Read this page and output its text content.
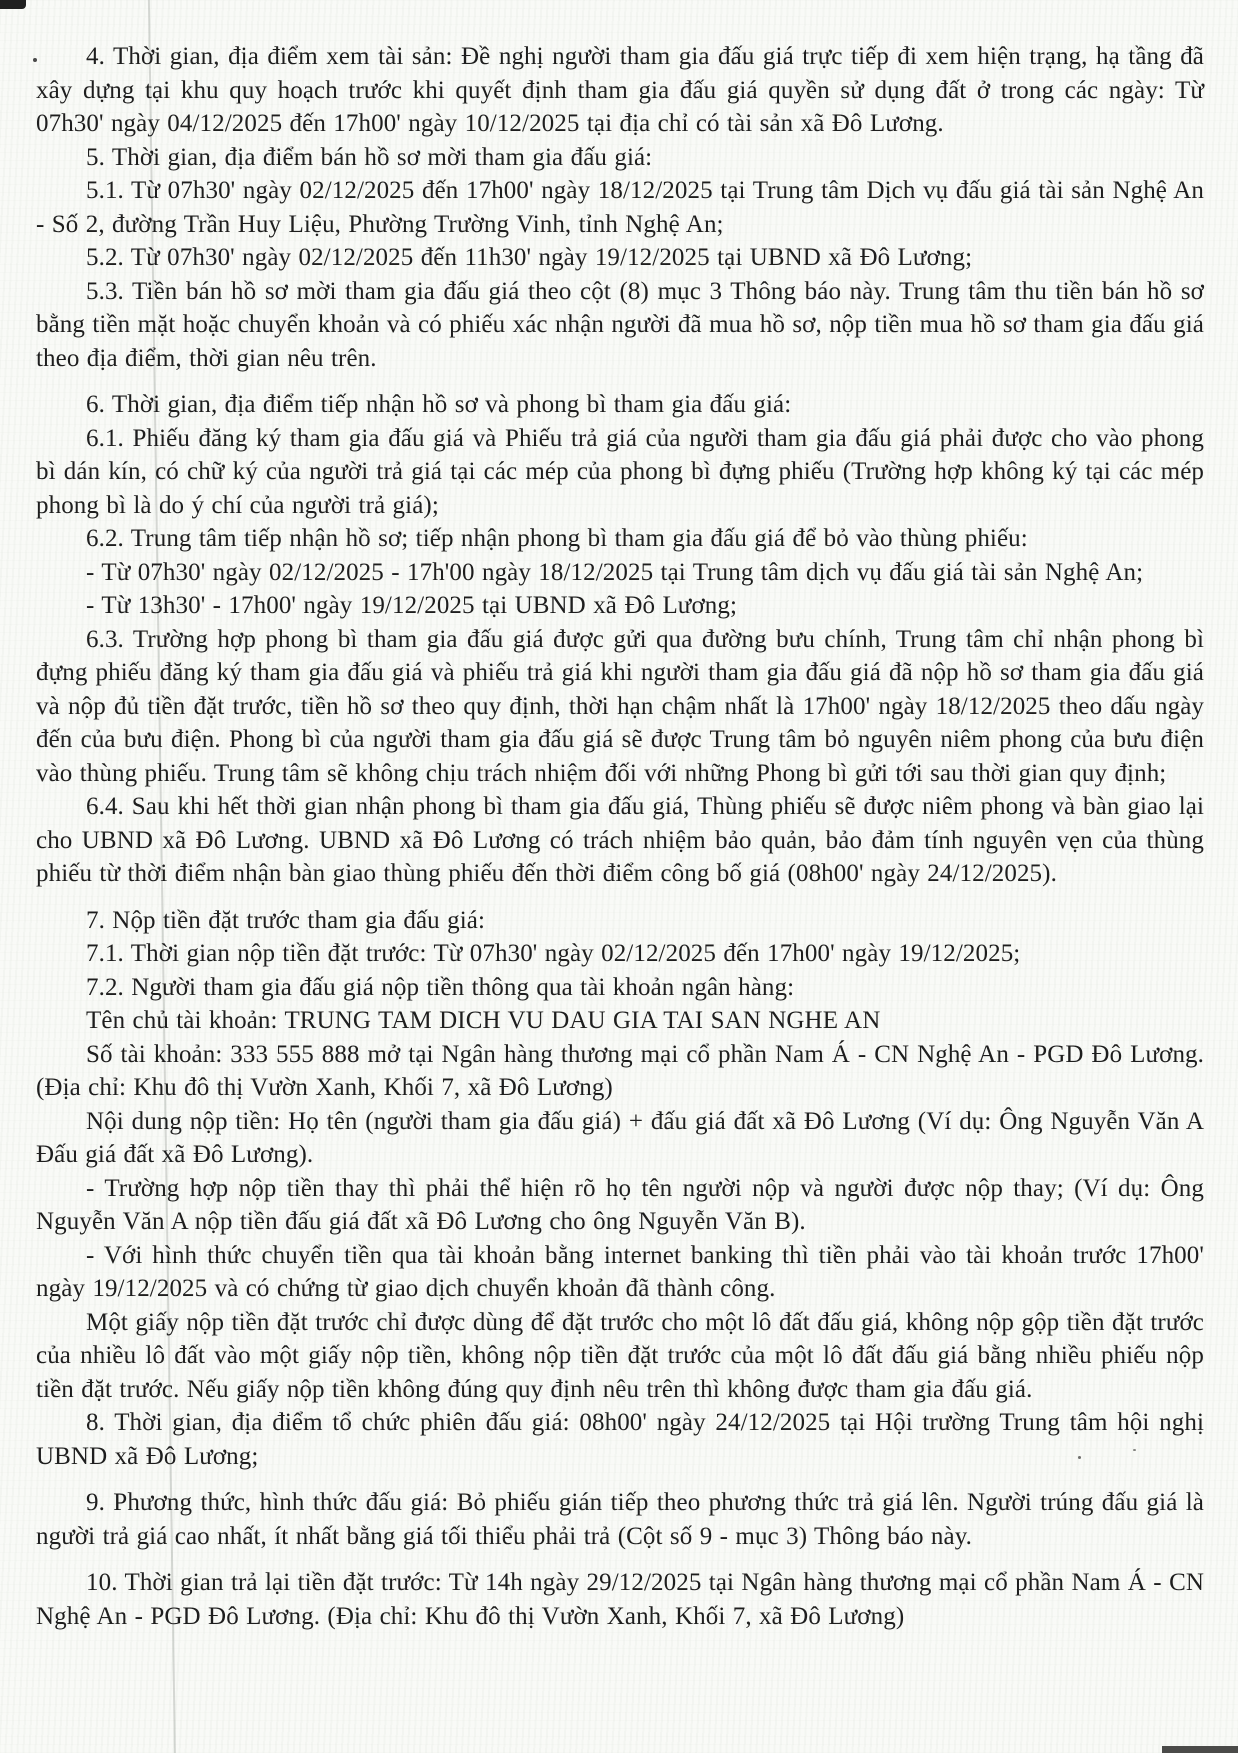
4. Thời gian, địa điểm xem tài sản: Đề nghị người tham gia đấu giá trực tiếp đi xem hiện trạng, hạ tầng đã xây dựng tại khu quy hoạch trước khi quyết định tham gia đấu giá quyền sử dụng đất ở trong các ngày: Từ 07h30' ngày 04/12/2025 đến 17h00' ngày 10/12/2025 tại địa chỉ có tài sản xã Đô Lương.

5. Thời gian, địa điểm bán hồ sơ mời tham gia đấu giá:

5.1. Từ 07h30' ngày 02/12/2025 đến 17h00' ngày 18/12/2025 tại Trung tâm Dịch vụ đấu giá tài sản Nghệ An - Số 2, đường Trần Huy Liệu, Phường Trường Vinh, tỉnh Nghệ An;

5.2. Từ 07h30' ngày 02/12/2025 đến 11h30' ngày 19/12/2025 tại UBND xã Đô Lương;

5.3. Tiền bán hồ sơ mời tham gia đấu giá theo cột (8) mục 3 Thông báo này. Trung tâm thu tiền bán hồ sơ bằng tiền mặt hoặc chuyển khoản và có phiếu xác nhận người đã mua hồ sơ, nộp tiền mua hồ sơ tham gia đấu giá theo địa điểm, thời gian nêu trên.

6. Thời gian, địa điểm tiếp nhận hồ sơ và phong bì tham gia đấu giá:

6.1. Phiếu đăng ký tham gia đấu giá và Phiếu trả giá của người tham gia đấu giá phải được cho vào phong bì dán kín, có chữ ký của người trả giá tại các mép của phong bì đựng phiếu (Trường hợp không ký tại các mép phong bì là do ý chí của người trả giá);

6.2. Trung tâm tiếp nhận hồ sơ; tiếp nhận phong bì tham gia đấu giá để bỏ vào thùng phiếu:

- Từ 07h30' ngày 02/12/2025 - 17h'00 ngày 18/12/2025 tại Trung tâm dịch vụ đấu giá tài sản Nghệ An;

- Từ 13h30' - 17h00' ngày 19/12/2025 tại UBND xã Đô Lương;

6.3. Trường hợp phong bì tham gia đấu giá được gửi qua đường bưu chính, Trung tâm chỉ nhận phong bì đựng phiếu đăng ký tham gia đấu giá và phiếu trả giá khi người tham gia đấu giá đã nộp hồ sơ tham gia đấu giá và nộp đủ tiền đặt trước, tiền hồ sơ theo quy định, thời hạn chậm nhất là 17h00' ngày 18/12/2025 theo dấu ngày đến của bưu điện. Phong bì của người tham gia đấu giá sẽ được Trung tâm bỏ nguyên niêm phong của bưu điện vào thùng phiếu. Trung tâm sẽ không chịu trách nhiệm đối với những Phong bì gửi tới sau thời gian quy định;

6.4. Sau khi hết thời gian nhận phong bì tham gia đấu giá, Thùng phiếu sẽ được niêm phong và bàn giao lại cho UBND xã Đô Lương. UBND xã Đô Lương có trách nhiệm bảo quản, bảo đảm tính nguyên vẹn của thùng phiếu từ thời điểm nhận bàn giao thùng phiếu đến thời điểm công bố giá (08h00' ngày 24/12/2025).

7. Nộp tiền đặt trước tham gia đấu giá:

7.1. Thời gian nộp tiền đặt trước: Từ 07h30' ngày 02/12/2025 đến 17h00' ngày 19/12/2025;

7.2. Người tham gia đấu giá nộp tiền thông qua tài khoản ngân hàng:

Tên chủ tài khoản: TRUNG TAM DICH VU DAU GIA TAI SAN NGHE AN

Số tài khoản: 333 555 888 mở tại Ngân hàng thương mại cổ phần Nam Á - CN Nghệ An - PGD Đô Lương. (Địa chỉ: Khu đô thị Vườn Xanh, Khối 7, xã Đô Lương)

Nội dung nộp tiền: Họ tên (người tham gia đấu giá) + đấu giá đất xã Đô Lương (Ví dụ: Ông Nguyễn Văn A Đấu giá đất xã Đô Lương).

- Trường hợp nộp tiền thay thì phải thể hiện rõ họ tên người nộp và người được nộp thay; (Ví dụ: Ông Nguyễn Văn A nộp tiền đấu giá đất xã Đô Lương cho ông Nguyễn Văn B).

- Với hình thức chuyển tiền qua tài khoản bằng internet banking thì tiền phải vào tài khoản trước 17h00' ngày 19/12/2025 và có chứng từ giao dịch chuyển khoản đã thành công.

Một giấy nộp tiền đặt trước chỉ được dùng để đặt trước cho một lô đất đấu giá, không nộp gộp tiền đặt trước của nhiều lô đất vào một giấy nộp tiền, không nộp tiền đặt trước của một lô đất đấu giá bằng nhiều phiếu nộp tiền đặt trước. Nếu giấy nộp tiền không đúng quy định nêu trên thì không được tham gia đấu giá.

8. Thời gian, địa điểm tổ chức phiên đấu giá: 08h00' ngày 24/12/2025 tại Hội trường Trung tâm hội nghị UBND xã Đô Lương;

9. Phương thức, hình thức đấu giá: Bỏ phiếu gián tiếp theo phương thức trả giá lên. Người trúng đấu giá là người trả giá cao nhất, ít nhất bằng giá tối thiểu phải trả (Cột số 9 - mục 3) Thông báo này.

10. Thời gian trả lại tiền đặt trước: Từ 14h ngày 29/12/2025 tại Ngân hàng thương mại cổ phần Nam Á - CN Nghệ An - PGD Đô Lương. (Địa chỉ: Khu đô thị Vườn Xanh, Khối 7, xã Đô Lương)
